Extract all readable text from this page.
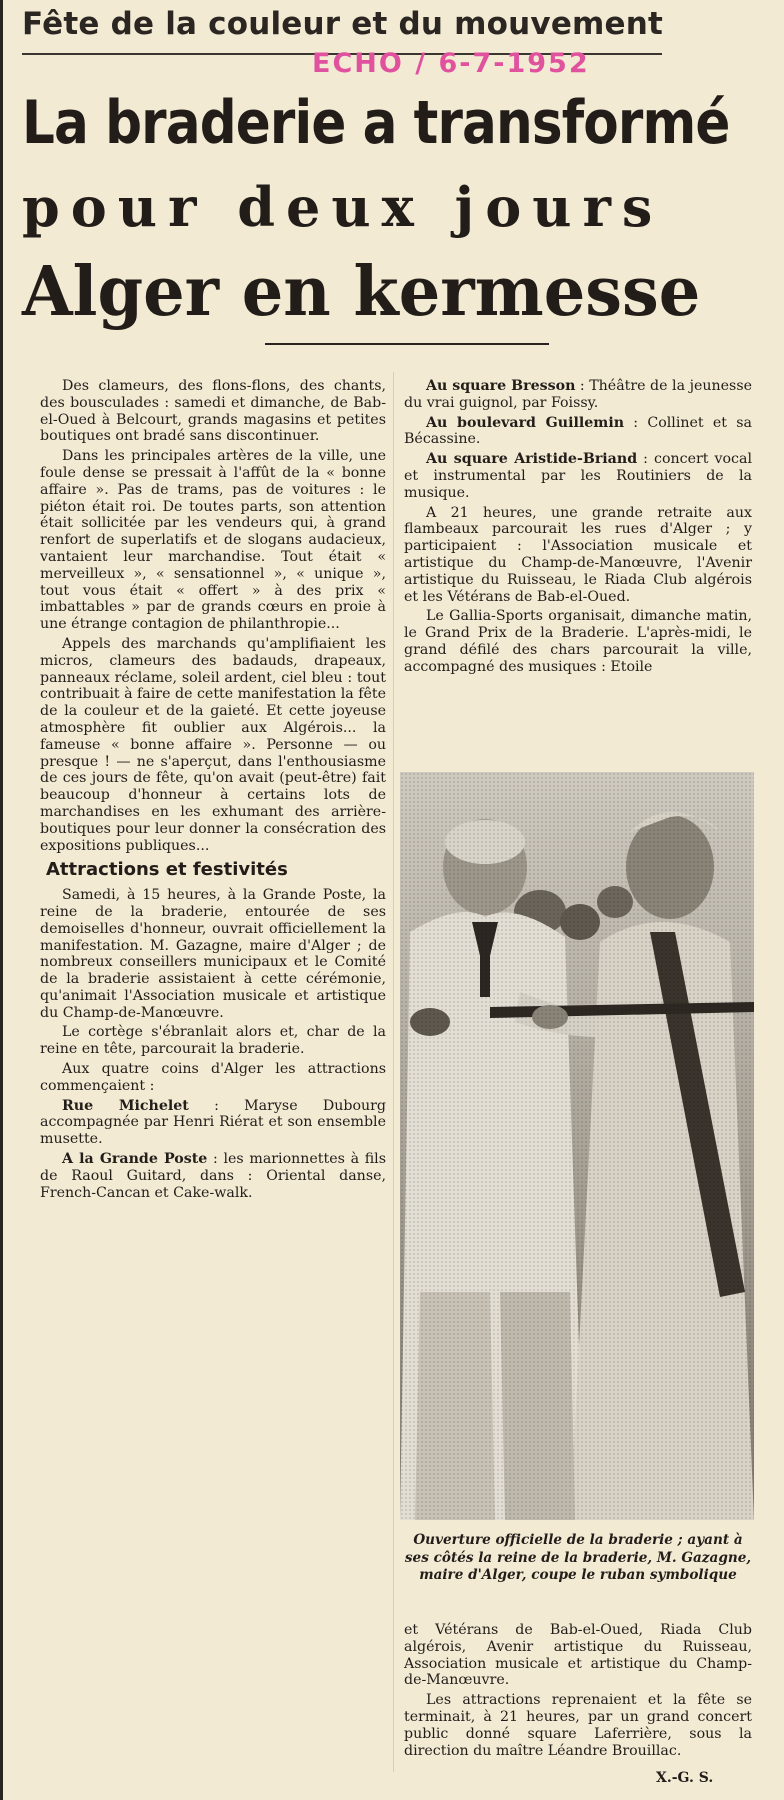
Fête de la couleur et du mouvement
ECHO / 6-7-1952
La braderie a transformé
pour deux jours
Alger en kermesse

Des clameurs, des flons-flons, des chants, des bousculades : samedi et dimanche, de Bab-el-Oued à Belcourt, grands magasins et petites boutiques ont bradé sans discontinuer.

Dans les principales artères de la ville, une foule dense se pressait à l'affût de la « bonne affaire ». Pas de trams, pas de voitures : le piéton était roi. De toutes parts, son attention était sollicitée par les vendeurs qui, à grand renfort de superlatifs et de slogans audacieux, vantaient leur marchandise. Tout était « merveilleux », « sensationnel », « unique », tout vous était « offert » à des prix « imbattables » par de grands cœurs en proie à une étrange contagion de philanthropie...

Appels des marchands qu'amplifiaient les micros, clameurs des badauds, drapeaux, panneaux réclame, soleil ardent, ciel bleu : tout contribuait à faire de cette manifestation la fête de la couleur et de la gaieté. Et cette joyeuse atmosphère fit oublier aux Algérois... la fameuse « bonne affaire ». Personne — ou presque ! — ne s'aperçut, dans l'enthousiasme de ces jours de fête, qu'on avait (peut-être) fait beaucoup d'honneur à certains lots de marchandises en les exhumant des arrière-boutiques pour leur donner la consécration des expositions publiques...

Attractions et festivités

Samedi, à 15 heures, à la Grande Poste, la reine de la braderie, entourée de ses demoiselles d'honneur, ouvrait officiellement la manifestation. M. Gazagne, maire d'Alger ; de nombreux conseillers municipaux et le Comité de la braderie assistaient à cette cérémonie, qu'animait l'Association musicale et artistique du Champ-de-Manœuvre.

Le cortège s'ébranlait alors et, char de la reine en tête, parcourait la braderie.

Aux quatre coins d'Alger les attractions commençaient :

Rue Michelet : Maryse Dubourg accompagnée par Henri Riérat et son ensemble musette.

A la Grande Poste : les marionnettes à fils de Raoul Guitard, dans : Oriental danse, French-Cancan et Cake-walk.

Au square Bresson : Théâtre de la jeunesse du vrai guignol, par Foissy.

Au boulevard Guillemin : Collinet et sa Bécassine.

Au square Aristide-Briand : concert vocal et instrumental par les Routiniers de la musique.

A 21 heures, une grande retraite aux flambeaux parcourait les rues d'Alger ; y participaient : l'Association musicale et artistique du Champ-de-Manœuvre, l'Avenir artistique du Ruisseau, le Riada Club algérois et les Vétérans de Bab-el-Oued.

Le Gallia-Sports organisait, dimanche matin, le Grand Prix de la Braderie. L'après-midi, le grand défilé des chars parcourait la ville, accompagné des musiques : Etoile

Ouverture officielle de la braderie ; ayant à ses côtés la reine de la braderie, M. Gazagne, maire d'Alger, coupe le ruban symbolique

et Vétérans de Bab-el-Oued, Riada Club algérois, Avenir artistique du Ruisseau, Association musicale et artistique du Champ-de-Manœuvre.

Les attractions reprenaient et la fête se terminait, à 21 heures, par un grand concert public donné square Laferrière, sous la direction du maître Léandre Brouillac.

X.-G. S.
